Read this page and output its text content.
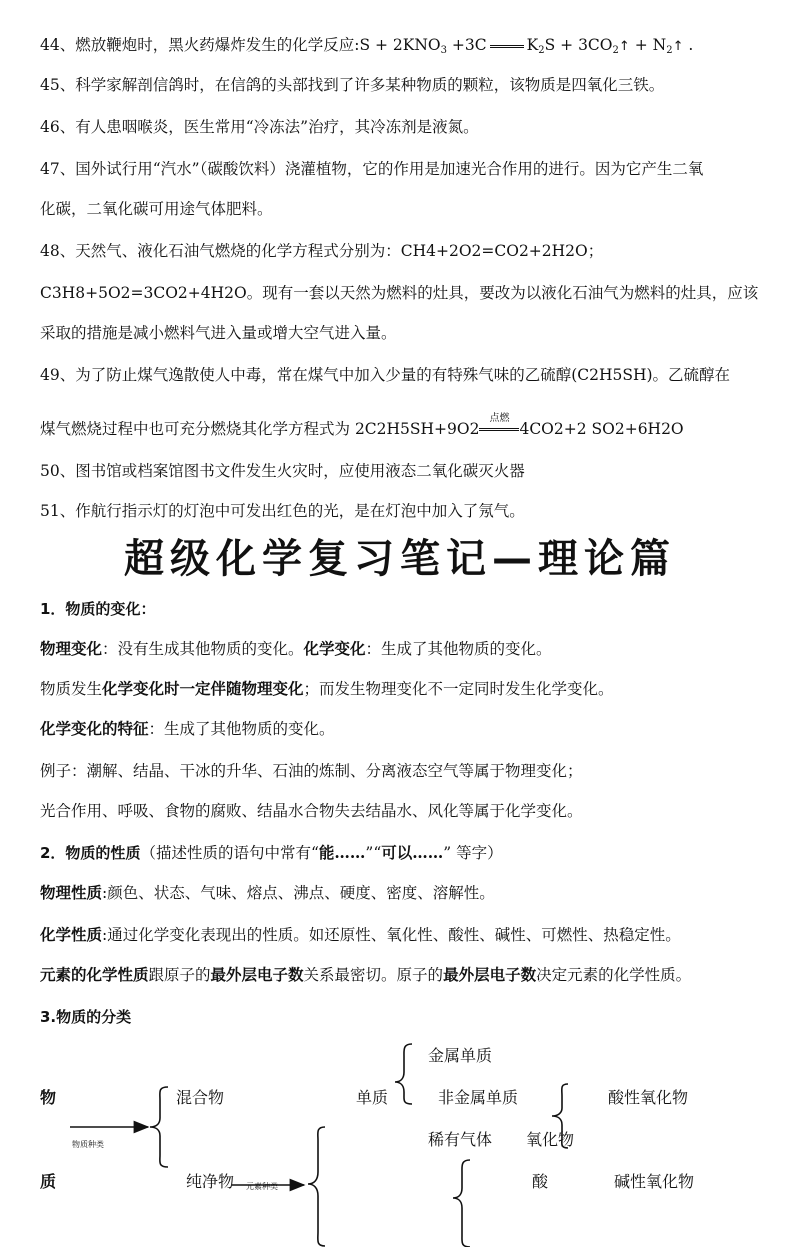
44、燃放鞭炮时，黑火药爆炸发生的化学反应:S + $2KNO_3 +3C$	$K_2S$ + $3CO_2↑$ + $N_2↑$ .
45、科学家解剖信鸽时，在信鸽的头部找到了许多某种物质的颗粒，该物质是四氧化三铁。
46、有人患咽喉炎，医生常用“冷冻法”治疗，其冷冻剂是液氮。
47、国外试行用“汽水”（碳酸饮料）浇灌植物，它的作用是加速光合作用的进行。因为它产生二氧
化碳，二氧化碳可用途气体肥料。
48、天然气、液化石油气燃烧的化学方程式分别为：CH4+2O2=CO2+2H2O；
C3H8+5O2=3CO2+4H2O。现有一套以天然为燃料的灶具，要改为以液化石油气为燃料的灶具，应该
采取的措施是减小燃料气进入量或增大空气进入量。
49、为了防止煤气逸散使人中毒，常在煤气中加入少量的有特殊气味的乙硫醇(C2H5SH)。乙硫醇在
煤气燃烧过程中也可充分燃烧其化学方程式为 2C2H5SH+9O2
点燃
4CO2+2 SO2+6H2O
50、图书馆或档案馆图书文件发生火灾时，应使用液态二氧化碳灭火器
51、作航行指示灯的灯泡中可发出红色的光，是在灯泡中加入了氖气。
超级化学复习笔记—理论篇
1．物质的变化：
物理变化：没有生成其他物质的变化。化学变化：生成了其他物质的变化。
物质发生化学变化时一定伴随物理变化；而发生物理变化不一定同时发生化学变化。
化学变化的特征：生成了其他物质的变化。
例子：潮解、结晶、干冰的升华、石油的炼制、分离液态空气等属于物理变化；
光合作用、呼吸、食物的腐败、结晶水合物失去结晶水、风化等属于化学变化。
2．物质的性质（描述性质的语句中常有“能……”“可以……” 等字）
物理性质:颜色、状态、气味、熔点、沸点、硬度、密度、溶解性。
化学性质:通过化学变化表现出的性质。如还原性、氧化性、酸性、碱性、可燃性、热稳定性。
元素的化学性质跟原子的最外层电子数关系最密切。原子的最外层电子数决定元素的化学性质。
3.物质的分类
物
质
物质种类
混合物
纯净物 元素种类
单质
金属单质
非金属单质
稀有气体 氧化物
酸
酸性氧化物
碱性氧化物
